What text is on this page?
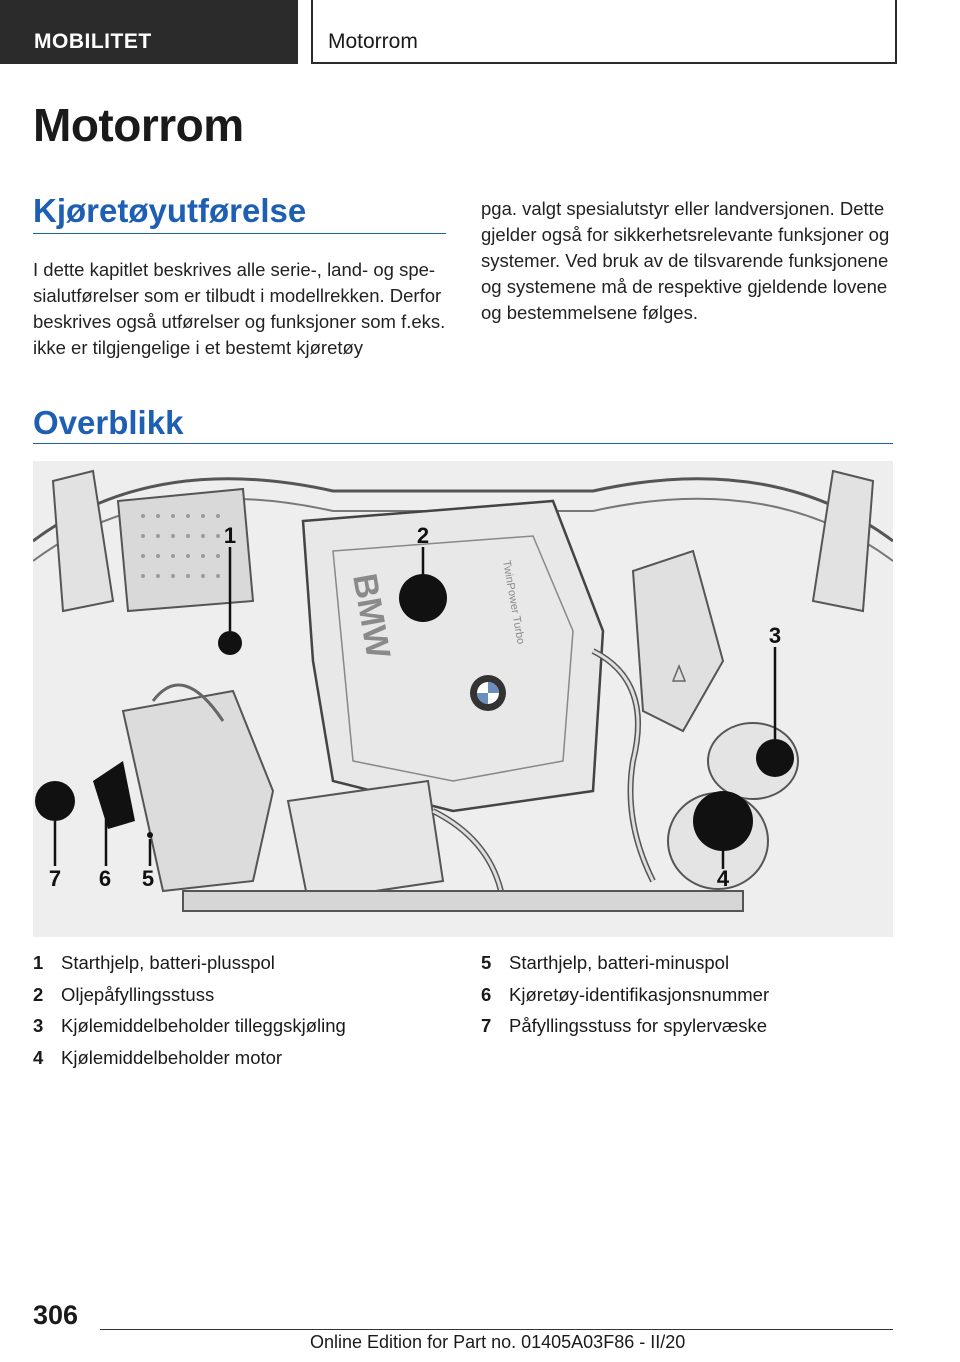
MOBILITET	Motorrom
Motorrom
Kjøretøyutførelse

I dette kapitlet beskrives alle serie-, land- og spesialutførelser som er tilbudt i modellrekken. Derfor beskrives også utførelser og funksjoner som f.eks. ikke er tilgjengelige i et bestemt kjøretøy

pga. valgt spesialutstyr eller landversjonen. Dette gjelder også for sikkerhetsrelevante funksjoner og systemer. Ved bruk av de tilsvarende funksjonene og systemene må de respektive gjeldende lovene og bestemmelsene følges.

Overblikk
BMW	TwinPower Turbo
1	2
3
4
5
6
7
1 Starthjelp, batteri-plusspol
2 Oljepåfyllingsstuss
3 Kjølemiddelbeholder tilleggskjøling
4 Kjølemiddelbeholder motor
5 Starthjelp, batteri-minuspol
6 Kjøretøy-identifikasjonsnummer
7 Påfyllingsstuss for spylervæske
306
Online Edition for Part no. 01405A03F86 - II/20
